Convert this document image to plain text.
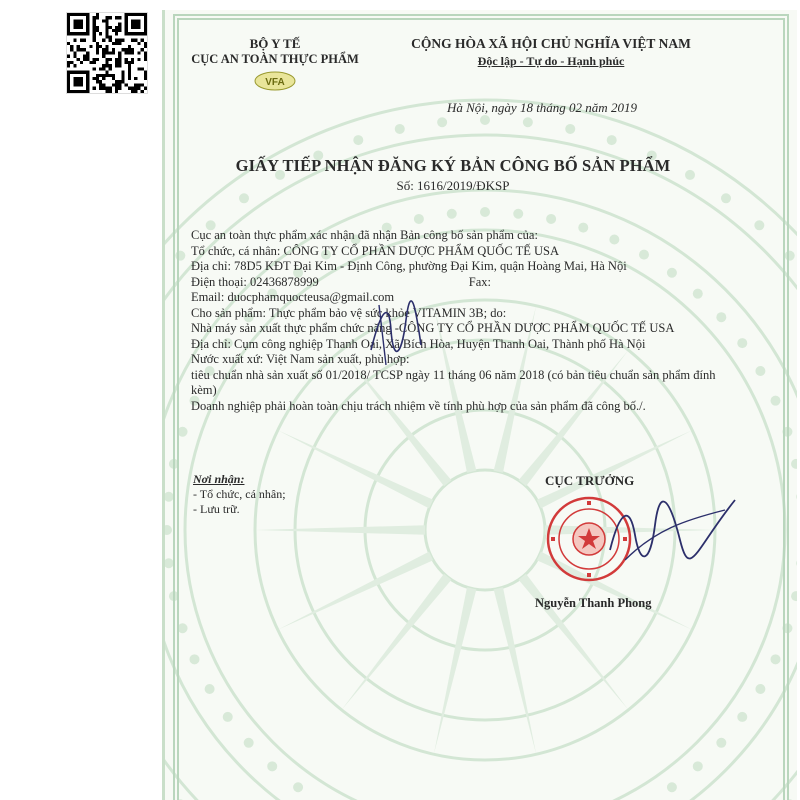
BỘ Y TẾ
CỤC AN TOÀN THỰC PHẨM
VFA
CỘNG HÒA XÃ HỘI CHỦ NGHĨA VIỆT NAM
Độc lập - Tự do - Hạnh phúc
Hà Nội, ngày 18 tháng 02 năm 2019
GIẤY TIẾP NHẬN ĐĂNG KÝ BẢN CÔNG BỐ SẢN PHẨM
Số: 1616/2019/ĐKSP

Cục an toàn thực phẩm xác nhận đã nhận Bản công bố sản phẩm của:

Tổ chức, cá nhân: CÔNG TY CỔ PHẦN DƯỢC PHẨM QUỐC TẾ USA

Địa chỉ: 78D5 KĐT Đại Kim - Định Công, phường Đại Kim, quận Hoàng Mai, Hà Nội

Điện thoại: 02436878999	Fax:

Email: duocphamquoctеusa@gmail.com

Cho sản phẩm: Thực phẩm bảo vệ sức khỏe VITAMIN 3B; do:

Nhà máy sản xuất thực phẩm chức năng -CÔNG TY CỔ PHẦN DƯỢC PHẨM QUỐC TẾ USA

Địa chỉ: Cụm công nghiệp Thanh Oai, Xã Bích Hòa, Huyện Thanh Oai, Thành phố Hà Nội

Nước xuất xứ: Việt Nam sản xuất, phù hợp:

tiêu chuẩn nhà sản xuất số 01/2018/ TCSP ngày 11 tháng 06 năm 2018 (có bản tiêu chuẩn sản phẩm đính kèm)

Doanh nghiệp phải hoàn toàn chịu trách nhiệm về tính phù hợp của sản phẩm đã công bố./.

Nơi nhận:
- Tổ chức, cá nhân;
- Lưu trữ.
CỤC TRƯỞNG
Nguyễn Thanh Phong
